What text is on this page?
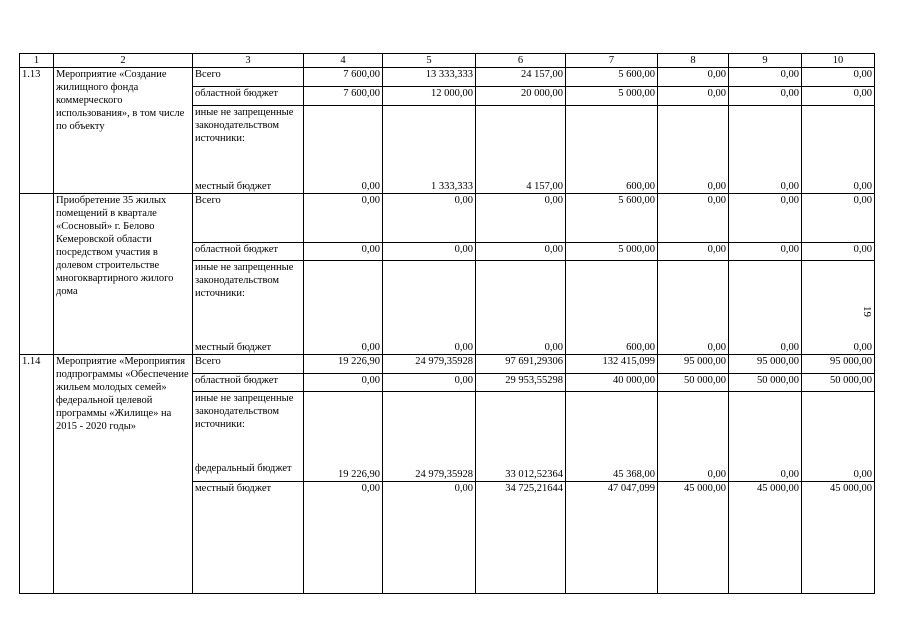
1	2	3	4	5	6	7	8	9	10
1.13	Мероприятие «Создание жилищного фонда коммерческого использования», в том числе по объекту	Всего	7 600,00	13 333,333	24 157,00	5 600,00	0,00	0,00	0,00
		областной бюджет	7 600,00	12 000,00	20 000,00	5 000,00	0,00	0,00	0,00
		иные не запрещенные законодательством источники:							
		местный бюджет	0,00	1 333,333	4 157,00	600,00	0,00	0,00	0,00
	Приобретение 35 жилых помещений в квартале «Сосновый» г. Белово Кемеровской области посредством участия в долевом строительстве многоквартирного жилого дома	Всего	0,00	0,00	0,00	5 600,00	0,00	0,00	0,00
		областной бюджет	0,00	0,00	0,00	5 000,00	0,00	0,00	0,00
		иные не запрещенные законодательством источники:							
		местный бюджет	0,00	0,00	0,00	600,00	0,00	0,00	0,00
1.14	Мероприятие «Мероприятия подпрограммы «Обеспечение жильем молодых семей» федеральной целевой программы «Жилище» на 2015 - 2020 годы»	Всего	19 226,90	24 979,35928	97 691,29306	132 415,099	95 000,00	95 000,00	95 000,00
		областной бюджет	0,00	0,00	29 953,55298	40 000,00	50 000,00	50 000,00	50 000,00
		иные не запрещенные законодательством источники:							
		федеральный бюджет	19 226,90	24 979,35928	33 012,52364	45 368,00	0,00	0,00	0,00
		местный бюджет	0,00	0,00	34 725,21644	47 047,099	45 000,00	45 000,00	45 000,00
19
